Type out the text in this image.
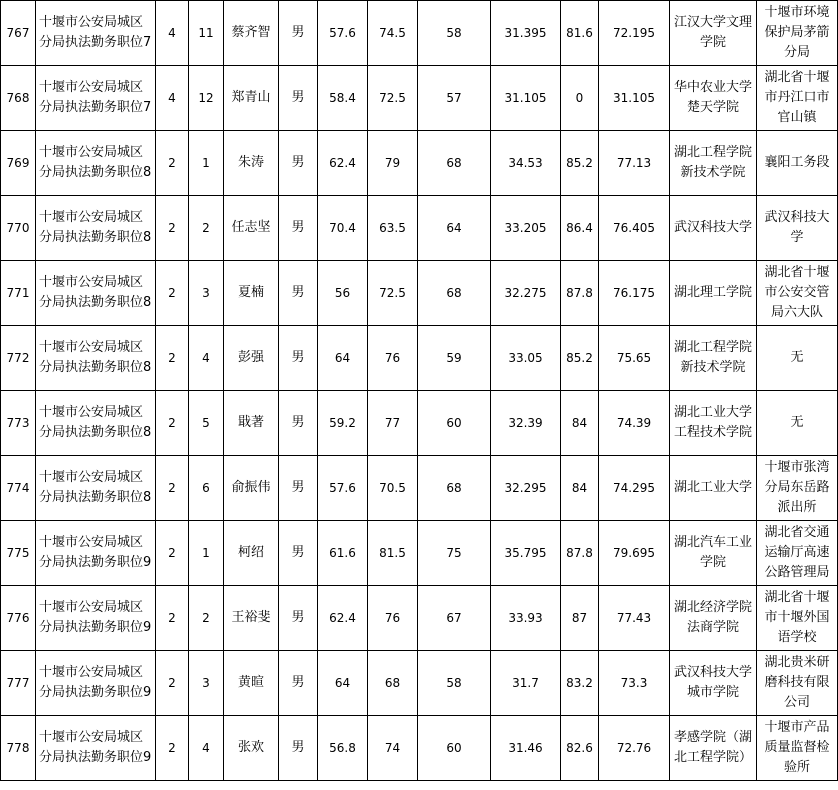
767	十堰市公安局城区分局执法勤务职位7	4	11	蔡齐智	男	57.6	74.5	58	31.395	81.6	72.195	江汉大学文理学院	十堰市环境保护局茅箭分局
768	十堰市公安局城区分局执法勤务职位7	4	12	郑青山	男	58.4	72.5	57	31.105	0	31.105	华中农业大学楚天学院	湖北省十堰市丹江口市官山镇
769	十堰市公安局城区分局执法勤务职位8	2	1	朱涛	男	62.4	79	68	34.53	85.2	77.13	湖北工程学院新技术学院	襄阳工务段
770	十堰市公安局城区分局执法勤务职位8	2	2	任志坚	男	70.4	63.5	64	33.205	86.4	76.405	武汉科技大学	武汉科技大学
771	十堰市公安局城区分局执法勤务职位8	2	3	夏楠	男	56	72.5	68	32.275	87.8	76.175	湖北理工学院	湖北省十堰市公安交管局六大队
772	十堰市公安局城区分局执法勤务职位8	2	4	彭强	男	64	76	59	33.05	85.2	75.65	湖北工程学院新技术学院	无
773	十堰市公安局城区分局执法勤务职位8	2	5	戢著	男	59.2	77	60	32.39	84	74.39	湖北工业大学工程技术学院	无
774	十堰市公安局城区分局执法勤务职位8	2	6	俞振伟	男	57.6	70.5	68	32.295	84	74.295	湖北工业大学	十堰市张湾分局东岳路派出所
775	十堰市公安局城区分局执法勤务职位9	2	1	柯绍	男	61.6	81.5	75	35.795	87.8	79.695	湖北汽车工业学院	湖北省交通运输厅高速公路管理局
776	十堰市公安局城区分局执法勤务职位9	2	2	王裕斐	男	62.4	76	67	33.93	87	77.43	湖北经济学院法商学院	湖北省十堰市十堰外国语学校
777	十堰市公安局城区分局执法勤务职位9	2	3	黄暄	男	64	68	58	31.7	83.2	73.3	武汉科技大学城市学院	湖北贵米研磨科技有限公司
778	十堰市公安局城区分局执法勤务职位9	2	4	张欢	男	56.8	74	60	31.46	82.6	72.76	孝感学院（湖北工程学院）	十堰市产品质量监督检验所
